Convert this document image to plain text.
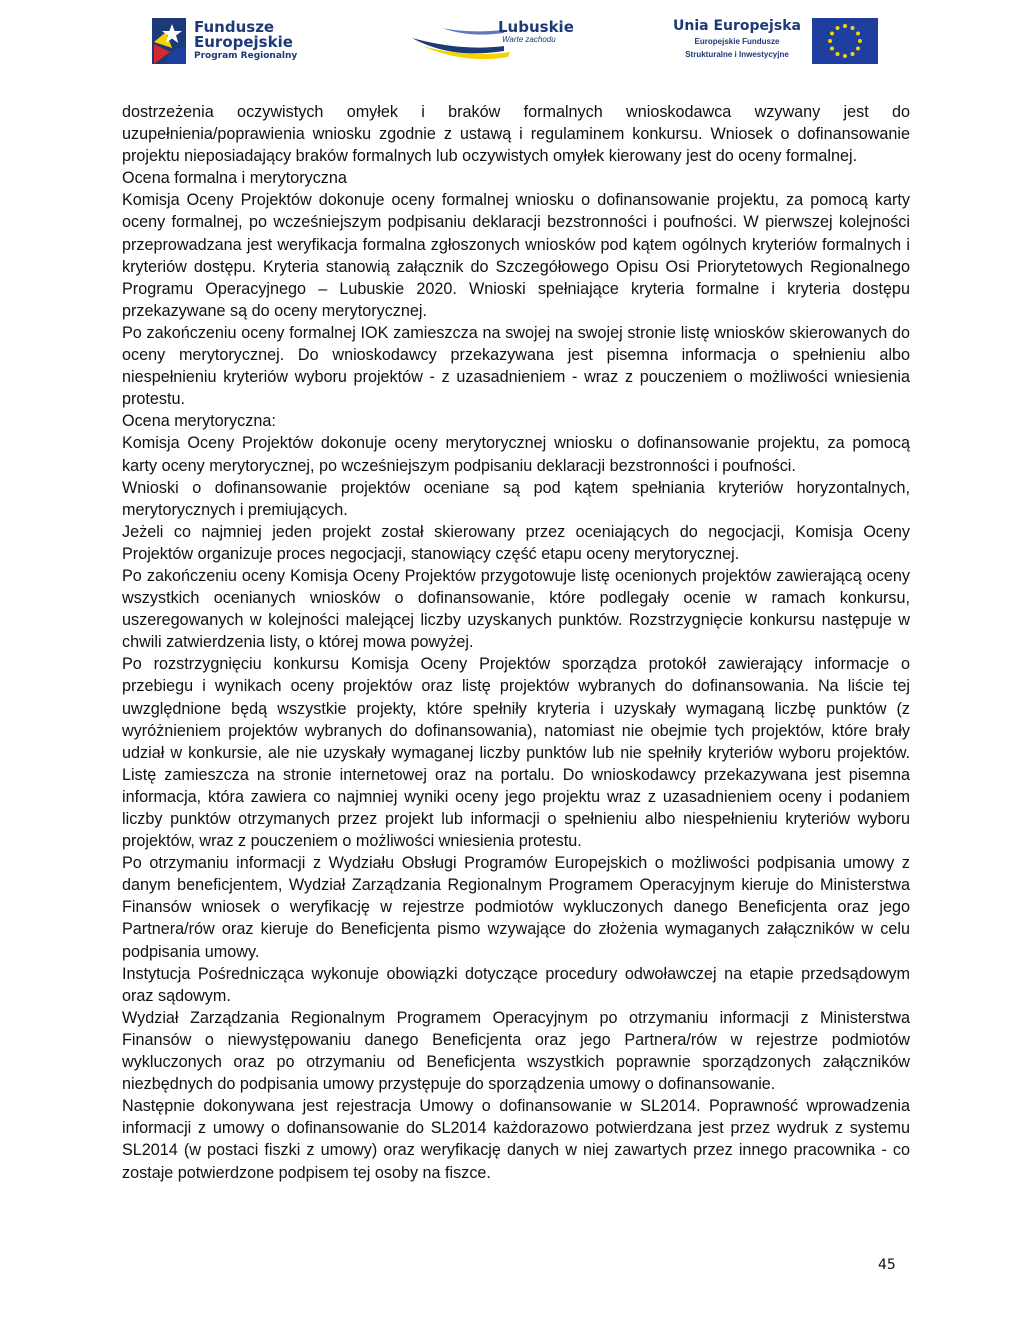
Fundusze
Europejskie
Program Regionalny
Lubuskie
Warte zachodu
Unia Europejska
Europejskie Fundusze
Strukturalne i Inwestycyjne

dostrzeżenia oczywistych omyłek i braków formalnych wnioskodawca wzywany jest do uzupełnienia/poprawienia wniosku zgodnie z ustawą i regulaminem konkursu. Wniosek o dofinansowanie projektu nieposiadający braków formalnych lub oczywistych omyłek kierowany jest do oceny formalnej.

Ocena formalna i merytoryczna

Komisja Oceny Projektów dokonuje oceny formalnej wniosku o dofinansowanie projektu, za pomocą karty oceny formalnej, po wcześniejszym podpisaniu deklaracji bezstronności i poufności. W pierwszej kolejności przeprowadzana jest weryfikacja formalna zgłoszonych wniosków pod kątem ogólnych kryteriów formalnych i kryteriów dostępu. Kryteria stanowią załącznik do Szczegółowego Opisu Osi Priorytetowych Regionalnego Programu Operacyjnego – Lubuskie 2020. Wnioski spełniające kryteria formalne i kryteria dostępu przekazywane są do oceny merytorycznej.

Po zakończeniu oceny formalnej IOK zamieszcza na swojej na swojej stronie listę wniosków skierowanych do oceny merytorycznej. Do wnioskodawcy przekazywana jest pisemna informacja o spełnieniu albo niespełnieniu kryteriów wyboru projektów - z uzasadnieniem - wraz z pouczeniem o możliwości wniesienia protestu.

Ocena merytoryczna:

Komisja Oceny Projektów dokonuje oceny merytorycznej wniosku o dofinansowanie projektu, za pomocą karty oceny merytorycznej, po wcześniejszym podpisaniu deklaracji bezstronności i poufności.

Wnioski o dofinansowanie projektów oceniane są pod kątem spełniania kryteriów horyzontalnych, merytorycznych i premiujących.

Jeżeli co najmniej jeden projekt został skierowany przez oceniających do negocjacji, Komisja Oceny Projektów organizuje proces negocjacji, stanowiący część etapu oceny merytorycznej.

Po zakończeniu oceny Komisja Oceny Projektów przygotowuje listę ocenionych projektów zawierającą oceny wszystkich ocenianych wniosków o dofinansowanie, które podlegały ocenie w ramach konkursu, uszeregowanych w kolejności malejącej liczby uzyskanych punktów. Rozstrzygnięcie konkursu następuje w chwili zatwierdzenia listy, o której mowa powyżej.

Po rozstrzygnięciu konkursu Komisja Oceny Projektów sporządza protokół zawierający informacje o przebiegu i wynikach oceny projektów oraz listę projektów wybranych do dofinansowania. Na liście tej uwzględnione będą wszystkie projekty, które spełniły kryteria i uzyskały wymaganą liczbę punktów (z wyróżnieniem projektów wybranych do dofinansowania), natomiast nie obejmie tych projektów, które brały udział w konkursie, ale nie uzyskały wymaganej liczby punktów lub nie spełniły kryteriów wyboru projektów. Listę zamieszcza na stronie internetowej oraz na portalu. Do wnioskodawcy przekazywana jest pisemna informacja, która zawiera co najmniej wyniki oceny jego projektu wraz z uzasadnieniem oceny i podaniem liczby punktów otrzymanych przez projekt lub informacji o spełnieniu albo niespełnieniu kryteriów wyboru projektów, wraz z pouczeniem o możliwości wniesienia protestu.

Po otrzymaniu informacji z Wydziału Obsługi Programów Europejskich o możliwości podpisania umowy z danym beneficjentem, Wydział Zarządzania Regionalnym Programem Operacyjnym kieruje do Ministerstwa Finansów wniosek o weryfikację w rejestrze podmiotów wykluczonych danego Beneficjenta oraz jego Partnera/rów oraz kieruje do Beneficjenta pismo wzywające do złożenia wymaganych załączników w celu podpisania umowy.

Instytucja Pośrednicząca wykonuje obowiązki dotyczące procedury odwoławczej na etapie przedsądowym oraz sądowym.

Wydział Zarządzania Regionalnym Programem Operacyjnym po otrzymaniu informacji z Ministerstwa Finansów o niewystępowaniu danego Beneficjenta oraz jego Partnera/rów w rejestrze podmiotów wykluczonych oraz po otrzymaniu od Beneficjenta wszystkich poprawnie sporządzonych załączników niezbędnych do podpisania umowy przystępuje do sporządzenia umowy o dofinansowanie.

Następnie dokonywana jest rejestracja Umowy o dofinansowanie w SL2014. Poprawność wprowadzenia informacji z umowy o dofinansowanie do SL2014 każdorazowo potwierdzana jest przez wydruk z systemu SL2014 (w postaci fiszki z umowy) oraz weryfikację danych w niej zawartych przez innego pracownika - co zostaje potwierdzone podpisem tej osoby na fiszce.

45
